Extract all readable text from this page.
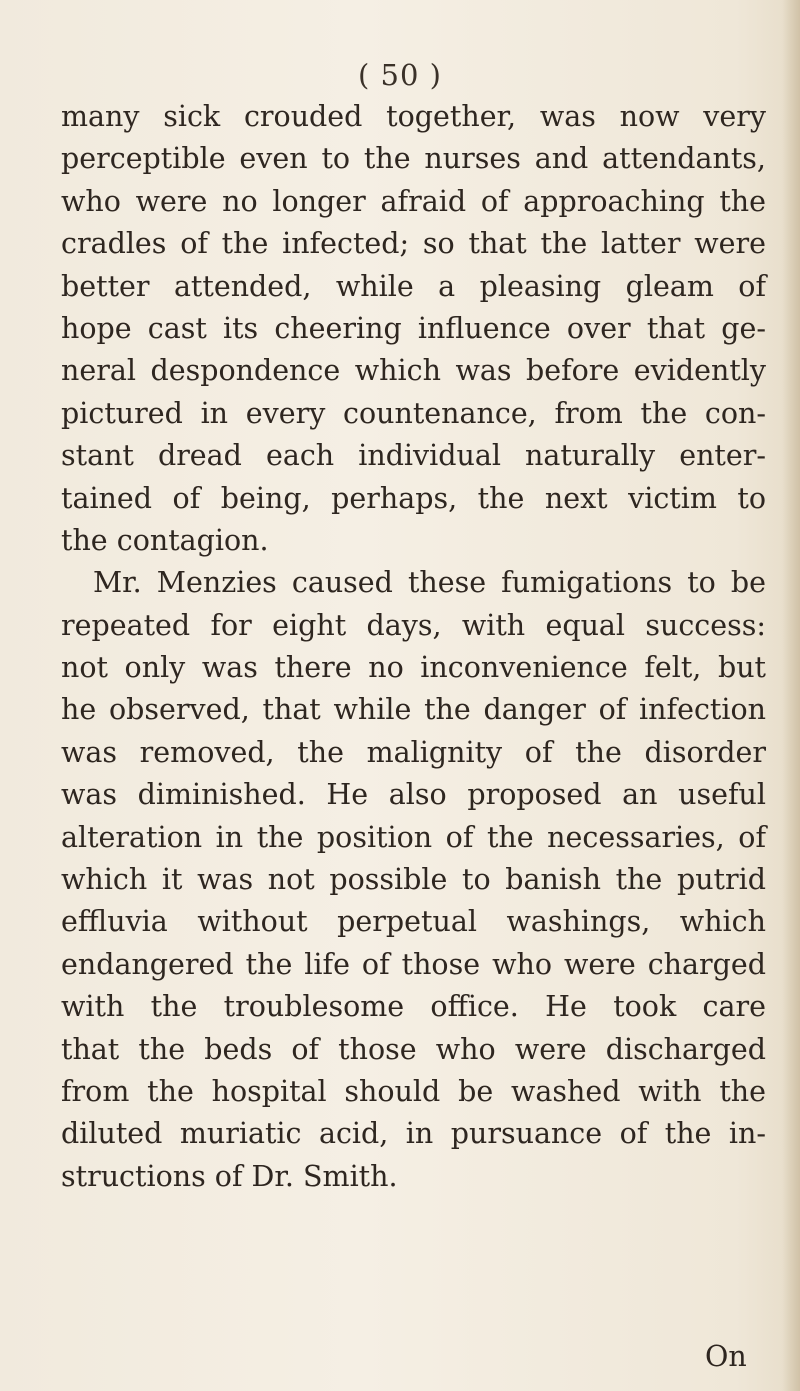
( 50 )
many sick crouded together, was now very
perceptible even to the nurses and attendants,
who were no longer afraid of approaching the
cradles of the infected; so that the latter were
better attended, while a pleasing gleam of
hope cast its cheering influence over that ge-
neral despondence which was before evidently
pictured in every countenance, from the con-
stant dread each individual naturally enter-
tained of being, perhaps, the next victim to
the contagion.
Mr. Menzies caused these fumigations to be
repeated for eight days, with equal success:
not only was there no inconvenience felt, but
he observed, that while the danger of infection
was removed, the malignity of the disorder
was diminished. He also proposed an useful
alteration in the position of the necessaries, of
which it was not possible to banish the putrid
effluvia without perpetual washings, which
endangered the life of those who were charged
with the troublesome office. He took care
that the beds of those who were discharged
from the hospital should be washed with the
diluted muriatic acid, in pursuance of the in-
structions of Dr. Smith.
On
